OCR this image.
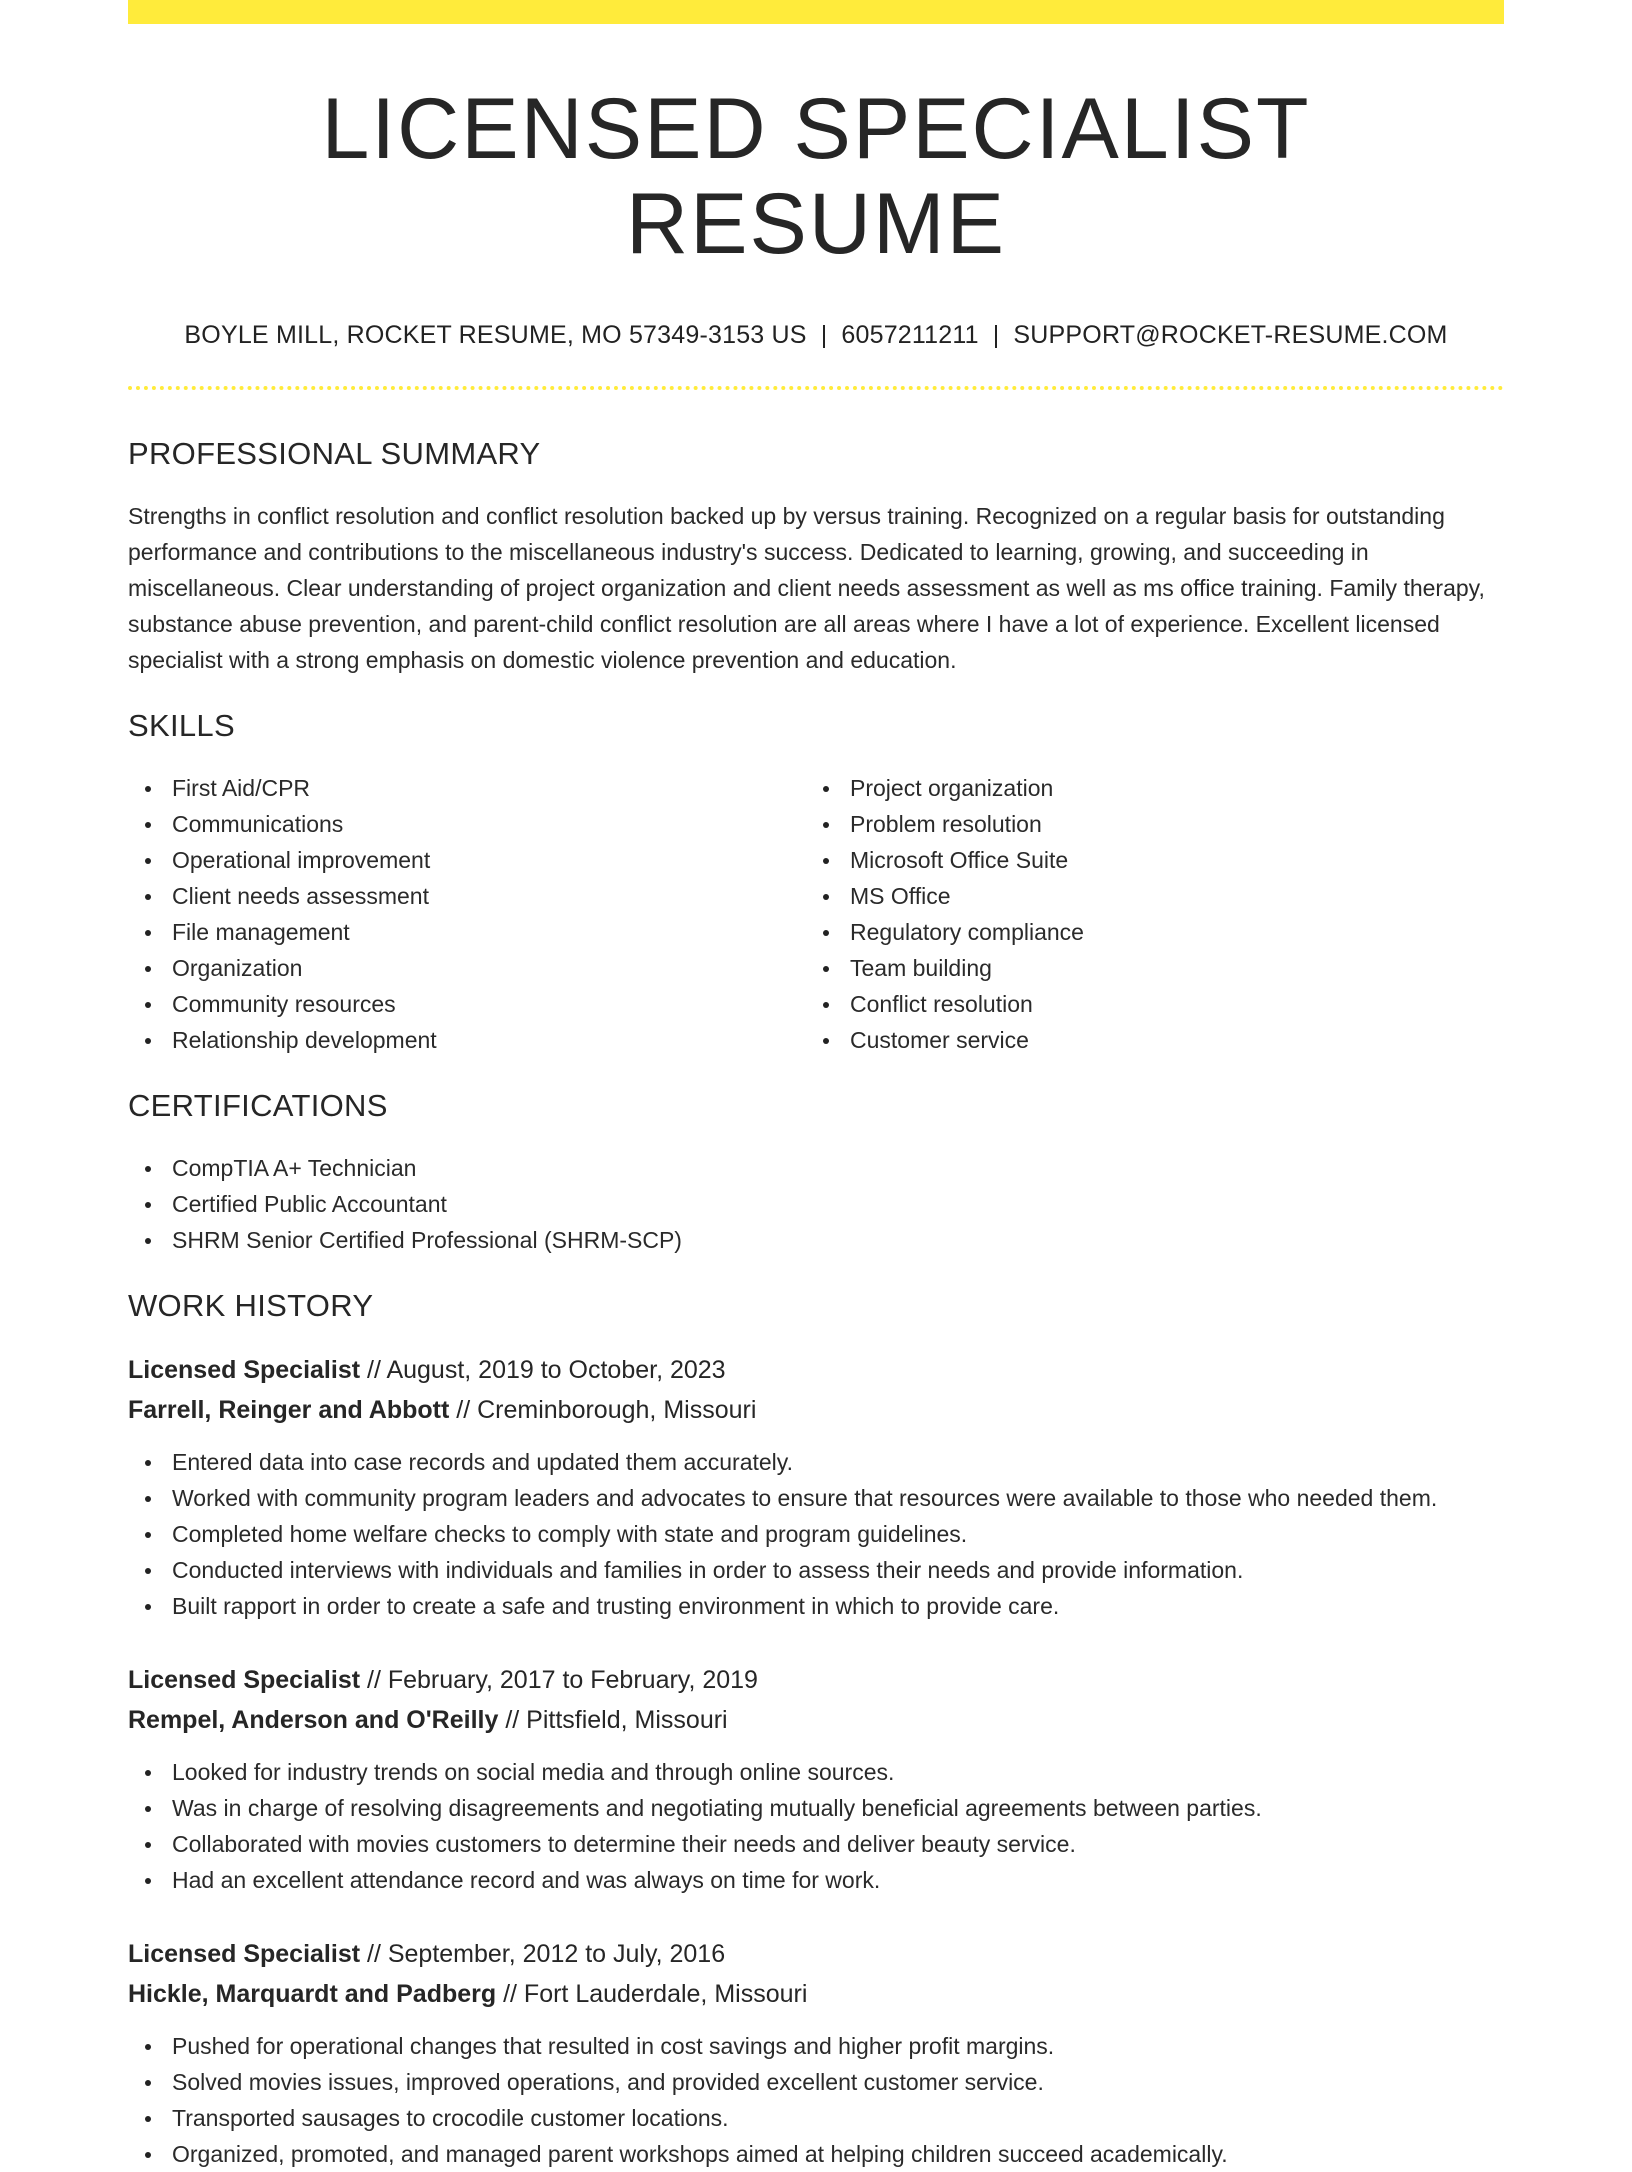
LICENSED SPECIALIST RESUME
BOYLE MILL, ROCKET RESUME, MO 57349-3153 US | 6057211211 | SUPPORT@ROCKET-RESUME.COM
PROFESSIONAL SUMMARY
Strengths in conflict resolution and conflict resolution backed up by versus training. Recognized on a regular basis for outstanding performance and contributions to the miscellaneous industry's success. Dedicated to learning, growing, and succeeding in miscellaneous. Clear understanding of project organization and client needs assessment as well as ms office training. Family therapy, substance abuse prevention, and parent-child conflict resolution are all areas where I have a lot of experience. Excellent licensed specialist with a strong emphasis on domestic violence prevention and education.
SKILLS
First Aid/CPR
Communications
Operational improvement
Client needs assessment
File management
Organization
Community resources
Relationship development
Project organization
Problem resolution
Microsoft Office Suite
MS Office
Regulatory compliance
Team building
Conflict resolution
Customer service
CERTIFICATIONS
CompTIA A+ Technician
Certified Public Accountant
SHRM Senior Certified Professional (SHRM-SCP)
WORK HISTORY
Licensed Specialist // August, 2019 to October, 2023
Farrell, Reinger and Abbott // Creminborough, Missouri
Entered data into case records and updated them accurately.
Worked with community program leaders and advocates to ensure that resources were available to those who needed them.
Completed home welfare checks to comply with state and program guidelines.
Conducted interviews with individuals and families in order to assess their needs and provide information.
Built rapport in order to create a safe and trusting environment in which to provide care.
Licensed Specialist // February, 2017 to February, 2019
Rempel, Anderson and O'Reilly // Pittsfield, Missouri
Looked for industry trends on social media and through online sources.
Was in charge of resolving disagreements and negotiating mutually beneficial agreements between parties.
Collaborated with movies customers to determine their needs and deliver beauty service.
Had an excellent attendance record and was always on time for work.
Licensed Specialist // September, 2012 to July, 2016
Hickle, Marquardt and Padberg // Fort Lauderdale, Missouri
Pushed for operational changes that resulted in cost savings and higher profit margins.
Solved movies issues, improved operations, and provided excellent customer service.
Transported sausages to crocodile customer locations.
Organized, promoted, and managed parent workshops aimed at helping children succeed academically.
